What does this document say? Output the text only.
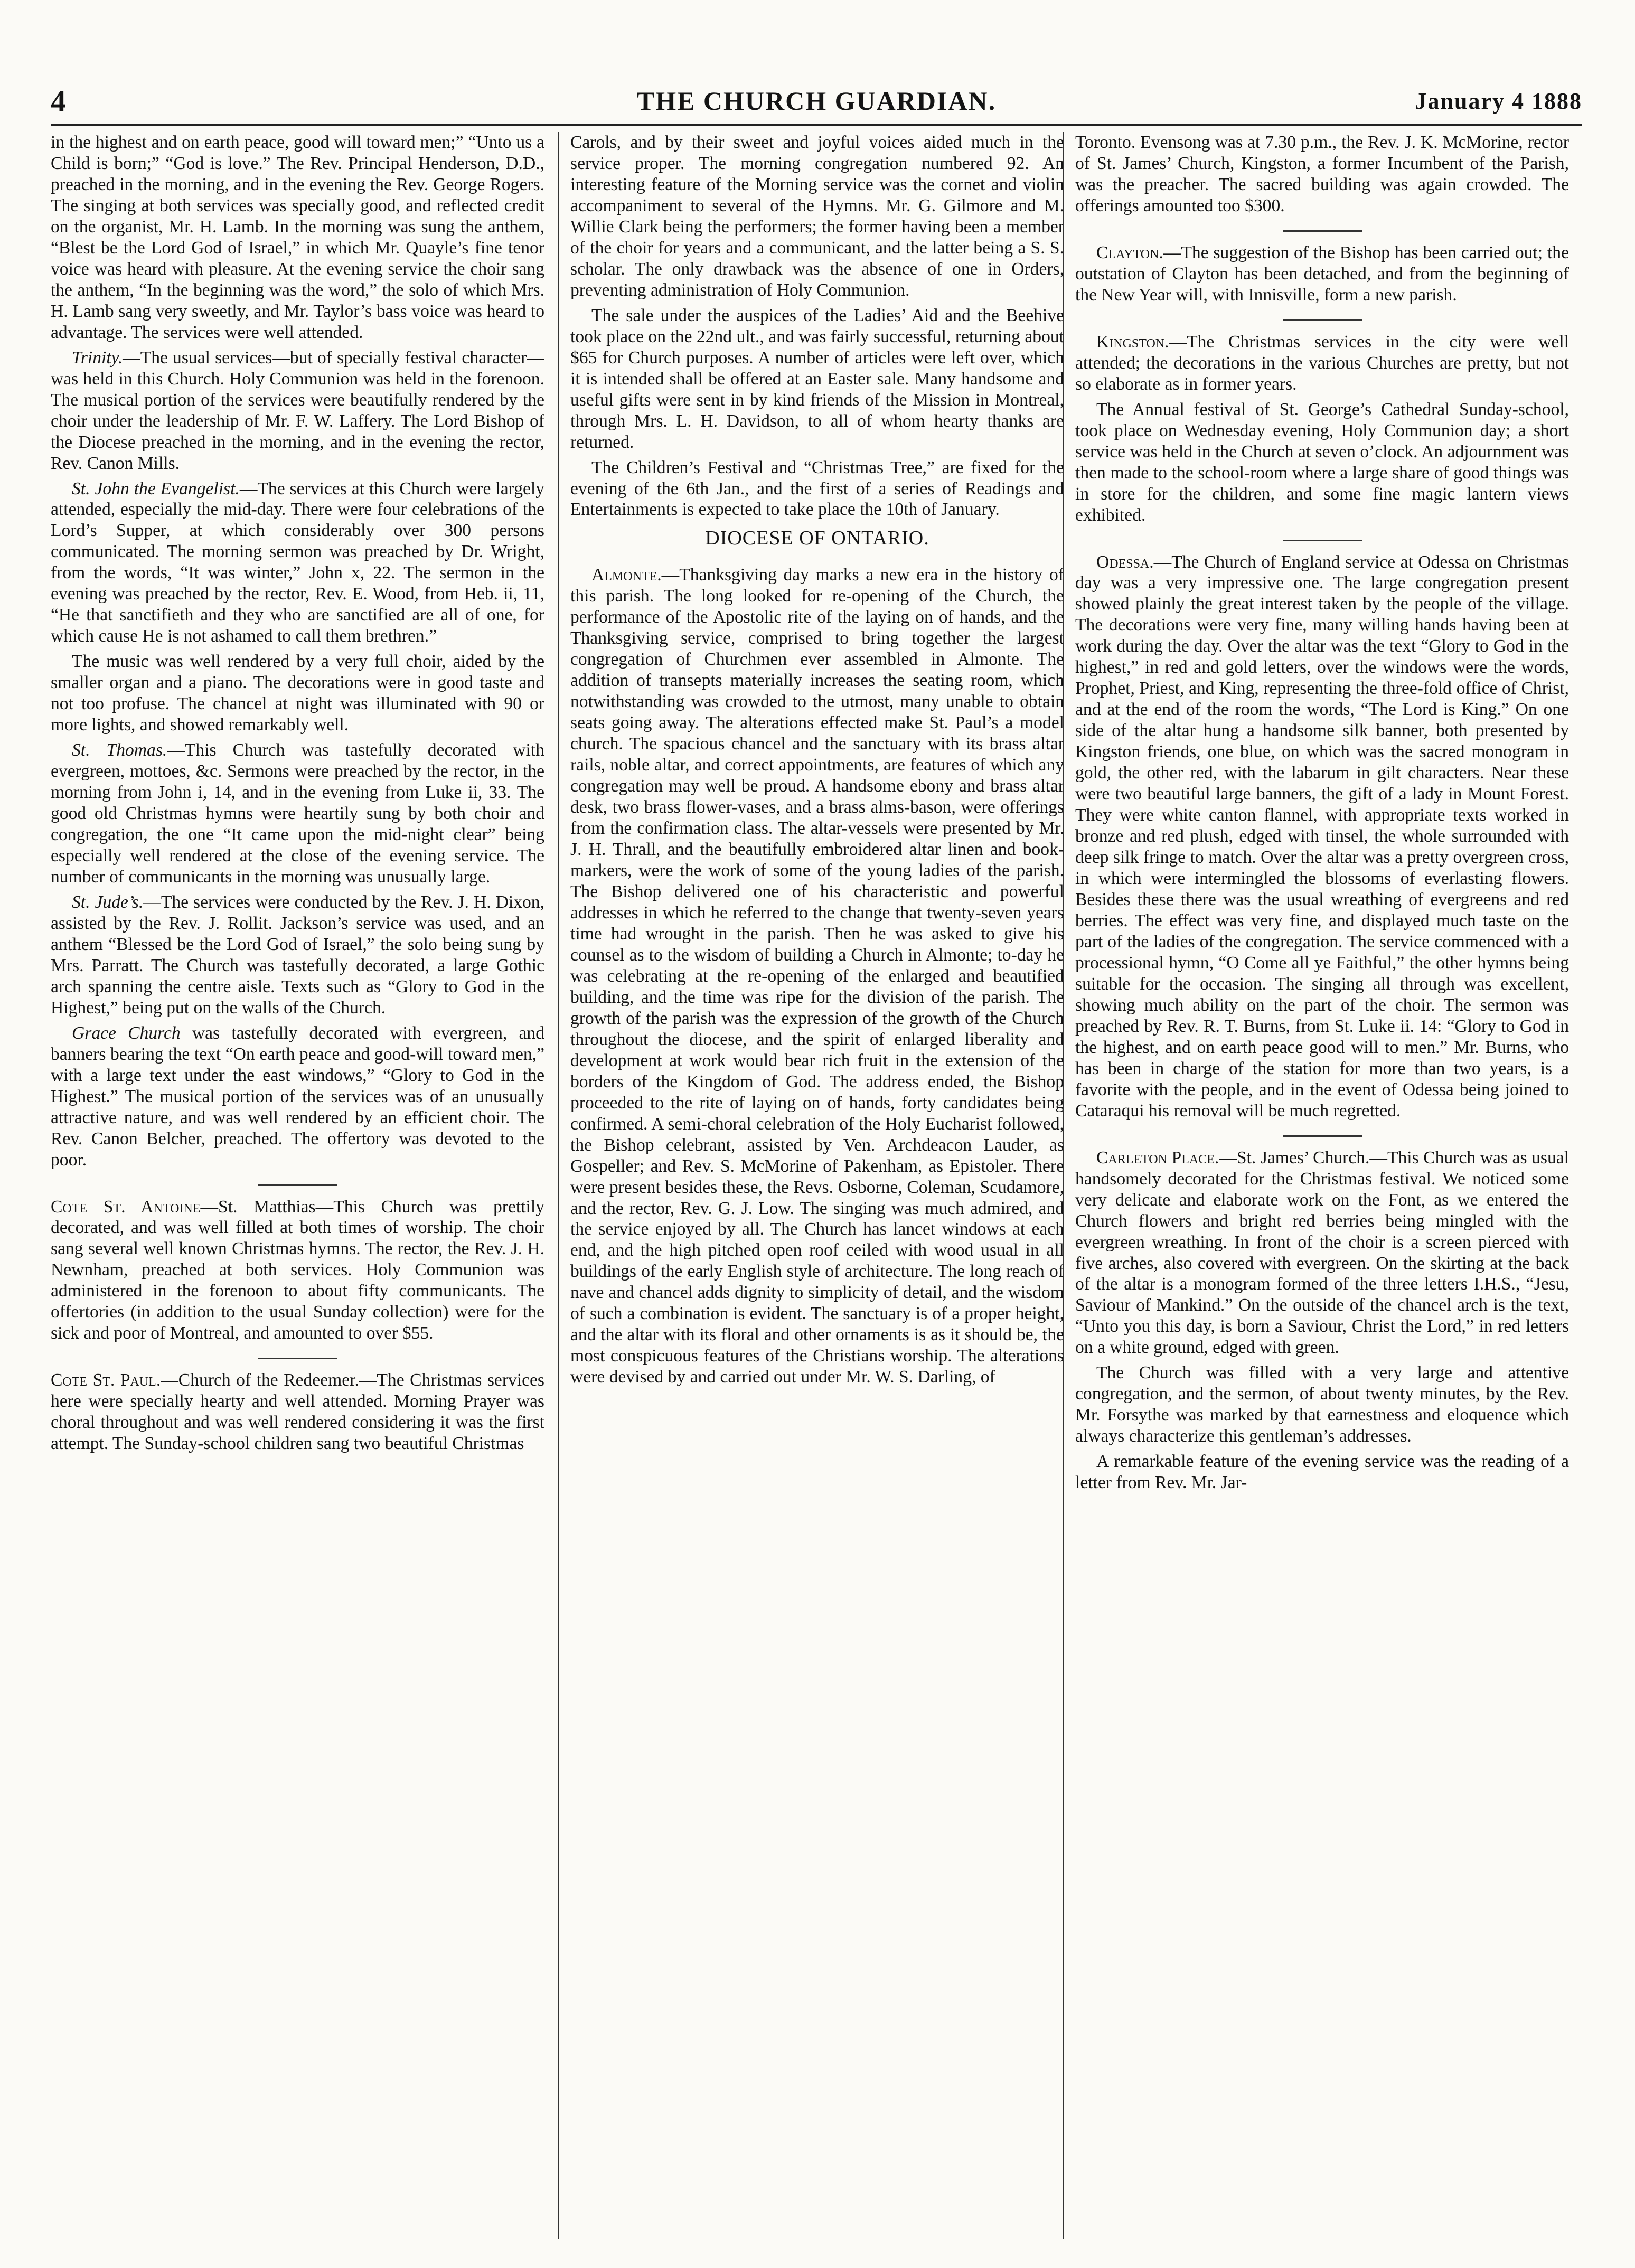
4	THE CHURCH GUARDIAN.	January 4 1888

in the highest and on earth peace, good will toward men;” “Unto us a Child is born;” “God is love.” The Rev. Principal Henderson, D.D., preached in the morning, and in the evening the Rev. George Rogers. The singing at both services was specially good, and reflected credit on the organist, Mr. H. Lamb. In the morning was sung the anthem, “Blest be the Lord God of Israel,” in which Mr. Quayle’s fine tenor voice was heard with pleasure. At the evening service the choir sang the anthem, “In the beginning was the word,” the solo of which Mrs. H. Lamb sang very sweetly, and Mr. Taylor’s bass voice was heard to advantage. The services were well attended.

Trinity.—The usual services—but of specially festival character—was held in this Church. Holy Communion was held in the forenoon. The musical portion of the services were beautifully rendered by the choir under the leadership of Mr. F. W. Laffery. The Lord Bishop of the Diocese preached in the morning, and in the evening the rector, Rev. Canon Mills.

St. John the Evangelist.—The services at this Church were largely attended, especially the mid-day. There were four celebrations of the Lord’s Supper, at which considerably over 300 persons communicated. The morning sermon was preached by Dr. Wright, from the words, “It was winter,” John x, 22. The sermon in the evening was preached by the rector, Rev. E. Wood, from Heb. ii, 11, “He that sanctifieth and they who are sanctified are all of one, for which cause He is not ashamed to call them brethren.”

The music was well rendered by a very full choir, aided by the smaller organ and a piano. The decorations were in good taste and not too profuse. The chancel at night was illuminated with 90 or more lights, and showed remarkably well.

St. Thomas.—This Church was tastefully decorated with evergreen, mottoes, &c. Sermons were preached by the rector, in the morning from John i, 14, and in the evening from Luke ii, 33. The good old Christmas hymns were heartily sung by both choir and congregation, the one “It came upon the mid-night clear” being especially well rendered at the close of the evening service. The number of communicants in the morning was unusually large.

St. Jude’s.—The services were conducted by the Rev. J. H. Dixon, assisted by the Rev. J. Rollit. Jackson’s service was used, and an anthem “Blessed be the Lord God of Israel,” the solo being sung by Mrs. Parratt. The Church was tastefully decorated, a large Gothic arch spanning the centre aisle. Texts such as “Glory to God in the Highest,” being put on the walls of the Church.

Grace Church was tastefully decorated with evergreen, and banners bearing the text “On earth peace and good-will toward men,” with a large text under the east windows,” “Glory to God in the Highest.” The musical portion of the services was of an unusually attractive nature, and was well rendered by an efficient choir. The Rev. Canon Belcher, preached. The offertory was devoted to the poor.

Cote St. Antoine—St. Matthias—This Church was prettily decorated, and was well filled at both times of worship. The choir sang several well known Christmas hymns. The rector, the Rev. J. H. Newnham, preached at both services. Holy Communion was administered in the forenoon to about fifty communicants. The offertories (in addition to the usual Sunday collection) were for the sick and poor of Montreal, and amounted to over $55.

Cote St. Paul.—Church of the Redeemer.—The Christmas services here were specially hearty and well attended. Morning Prayer was choral throughout and was well rendered considering it was the first attempt. The Sunday-school children sang two beautiful Christmas

Carols, and by their sweet and joyful voices aided much in the service proper. The morning congregation numbered 92. An interesting feature of the Morning service was the cornet and violin accompaniment to several of the Hymns. Mr. G. Gilmore and M. Willie Clark being the performers; the former having been a member of the choir for years and a communicant, and the latter being a S. S. scholar. The only drawback was the absence of one in Orders, preventing administration of Holy Communion.

The sale under the auspices of the Ladies’ Aid and the Beehive took place on the 22nd ult., and was fairly successful, returning about $65 for Church purposes. A number of articles were left over, which it is intended shall be offered at an Easter sale. Many handsome and useful gifts were sent in by kind friends of the Mission in Montreal, through Mrs. L. H. Davidson, to all of whom hearty thanks are returned.

The Children’s Festival and “Christmas Tree,” are fixed for the evening of the 6th Jan., and the first of a series of Readings and Entertainments is expected to take place the 10th of January.

DIOCESE OF ONTARIO.

Almonte.—Thanksgiving day marks a new era in the history of this parish. The long looked for re-opening of the Church, the performance of the Apostolic rite of the laying on of hands, and the Thanksgiving service, comprised to bring together the largest congregation of Churchmen ever assembled in Almonte. The addition of transepts materially increases the seating room, which notwithstanding was crowded to the utmost, many unable to obtain seats going away. The alterations effected make St. Paul’s a model church. The spacious chancel and the sanctuary with its brass altar rails, noble altar, and correct appointments, are features of which any congregation may well be proud. A handsome ebony and brass altar desk, two brass flower-vases, and a brass alms-bason, were offerings from the confirmation class. The altar-vessels were presented by Mr. J. H. Thrall, and the beautifully embroidered altar linen and book-markers, were the work of some of the young ladies of the parish. The Bishop delivered one of his characteristic and powerful addresses in which he referred to the change that twenty-seven years time had wrought in the parish. Then he was asked to give his counsel as to the wisdom of building a Church in Almonte; to-day he was celebrating at the re-opening of the enlarged and beautified building, and the time was ripe for the division of the parish. The growth of the parish was the expression of the growth of the Church throughout the diocese, and the spirit of enlarged liberality and development at work would bear rich fruit in the extension of the borders of the Kingdom of God. The address ended, the Bishop proceeded to the rite of laying on of hands, forty candidates being confirmed. A semi-choral celebration of the Holy Eucharist followed, the Bishop celebrant, assisted by Ven. Archdeacon Lauder, as Gospeller; and Rev. S. McMorine of Pakenham, as Epistoler. There were present besides these, the Revs. Osborne, Coleman, Scudamore, and the rector, Rev. G. J. Low. The singing was much admired, and the service enjoyed by all. The Church has lancet windows at each end, and the high pitched open roof ceiled with wood usual in all buildings of the early English style of architecture. The long reach of nave and chancel adds dignity to simplicity of detail, and the wisdom of such a combination is evident. The sanctuary is of a proper height, and the altar with its floral and other ornaments is as it should be, the most conspicuous features of the Christians worship. The alterations were devised by and carried out under Mr. W. S. Darling, of

Toronto. Evensong was at 7.30 p.m., the Rev. J. K. McMorine, rector of St. James’ Church, Kingston, a former Incumbent of the Parish, was the preacher. The sacred building was again crowded. The offerings amounted too $300.

Clayton.—The suggestion of the Bishop has been carried out; the outstation of Clayton has been detached, and from the beginning of the New Year will, with Innisville, form a new parish.

Kingston.—The Christmas services in the city were well attended; the decorations in the various Churches are pretty, but not so elaborate as in former years.

The Annual festival of St. George’s Cathedral Sunday-school, took place on Wednesday evening, Holy Communion day; a short service was held in the Church at seven o’clock. An adjournment was then made to the school-room where a large share of good things was in store for the children, and some fine magic lantern views exhibited.

Odessa.—The Church of England service at Odessa on Christmas day was a very impressive one. The large congregation present showed plainly the great interest taken by the people of the village. The decorations were very fine, many willing hands having been at work during the day. Over the altar was the text “Glory to God in the highest,” in red and gold letters, over the windows were the words, Prophet, Priest, and King, representing the three-fold office of Christ, and at the end of the room the words, “The Lord is King.” On one side of the altar hung a handsome silk banner, both presented by Kingston friends, one blue, on which was the sacred monogram in gold, the other red, with the labarum in gilt characters. Near these were two beautiful large banners, the gift of a lady in Mount Forest. They were white canton flannel, with appropriate texts worked in bronze and red plush, edged with tinsel, the whole surrounded with deep silk fringe to match. Over the altar was a pretty overgreen cross, in which were intermingled the blossoms of everlasting flowers. Besides these there was the usual wreathing of evergreens and red berries. The effect was very fine, and displayed much taste on the part of the ladies of the congregation. The service commenced with a processional hymn, “O Come all ye Faithful,” the other hymns being suitable for the occasion. The singing all through was excellent, showing much ability on the part of the choir. The sermon was preached by Rev. R. T. Burns, from St. Luke ii. 14: “Glory to God in the highest, and on earth peace good will to men.” Mr. Burns, who has been in charge of the station for more than two years, is a favorite with the people, and in the event of Odessa being joined to Cataraqui his removal will be much regretted.

Carleton Place.—St. James’ Church.—This Church was as usual handsomely decorated for the Christmas festival. We noticed some very delicate and elaborate work on the Font, as we entered the Church flowers and bright red berries being mingled with the evergreen wreathing. In front of the choir is a screen pierced with five arches, also covered with evergreen. On the skirting at the back of the altar is a monogram formed of the three letters I.H.S., “Jesu, Saviour of Mankind.” On the outside of the chancel arch is the text, “Unto you this day, is born a Saviour, Christ the Lord,” in red letters on a white ground, edged with green.

The Church was filled with a very large and attentive congregation, and the sermon, of about twenty minutes, by the Rev. Mr. Forsythe was marked by that earnestness and eloquence which always characterize this gentleman’s addresses.

A remarkable feature of the evening service was the reading of a letter from Rev. Mr. Jar-
